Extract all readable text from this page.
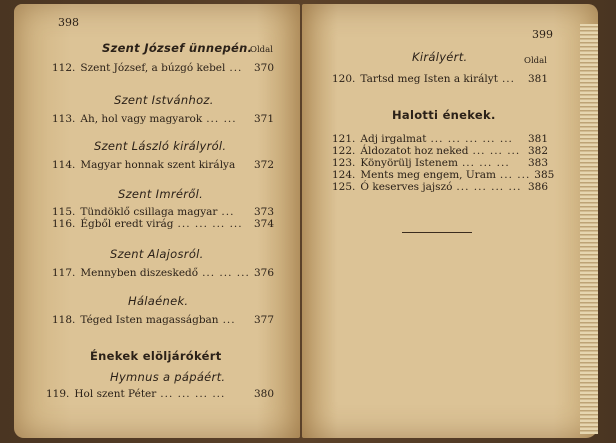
398
Szent József ünnepén.
Oldal
112. Szent József, a búzgó kebel ...	370
Szent Istvánhoz.
113. Ah, hol vagy magyarok ... ...	371
Szent László királyról.
114. Magyar honnak szent királya 372
Szent Imréről.
115. Tündöklő csillaga magyar ...	373
116. Égből eredt virág ... ... ... ...	374
Szent Alajosról.
117. Mennyben diszeskedő ... ... ... 376
Hálaének.
118. Téged Isten magasságban ...	377
Énekek elöljárókért
Hymnus a pápáért.
119. Hol szent Péter ... ... ... ...	380
399
Királyért.	Oldal
120. Tartsd meg Isten a királyt ...	381
Halotti énekek.
121. Adj irgalmat ... ... ... ... ...	381
122. Áldozatot hoz neked ... ... ... 382
123. Könyörülj Istenem ... ... ...	383
124. Ments meg engem, Uram ... ... 385
125. Ó keserves jajszó ... ... ... ... 386
